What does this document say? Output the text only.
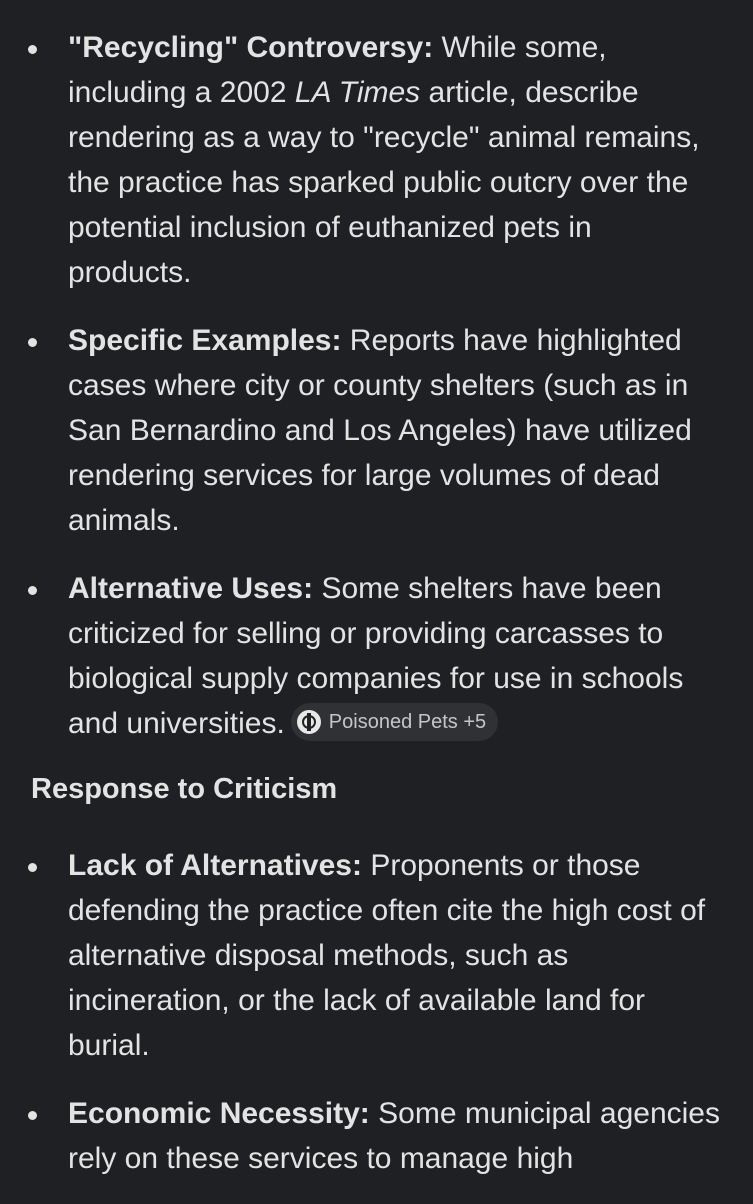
"Recycling" Controversy: While some, including a 2002 LA Times article, describe rendering as a way to "recycle" animal remains, the practice has sparked public outcry over the potential inclusion of euthanized pets in products.
Specific Examples: Reports have highlighted cases where city or county shelters (such as in San Bernardino and Los Angeles) have utilized rendering services for large volumes of dead animals.
Alternative Uses: Some shelters have been criticized for selling or providing carcasses to biological supply companies for use in schools and universities. Poisoned Pets +5
Response to Criticism
Lack of Alternatives: Proponents or those defending the practice often cite the high cost of alternative disposal methods, such as incineration, or the lack of available land for burial.
Economic Necessity: Some municipal agencies rely on these services to manage high
